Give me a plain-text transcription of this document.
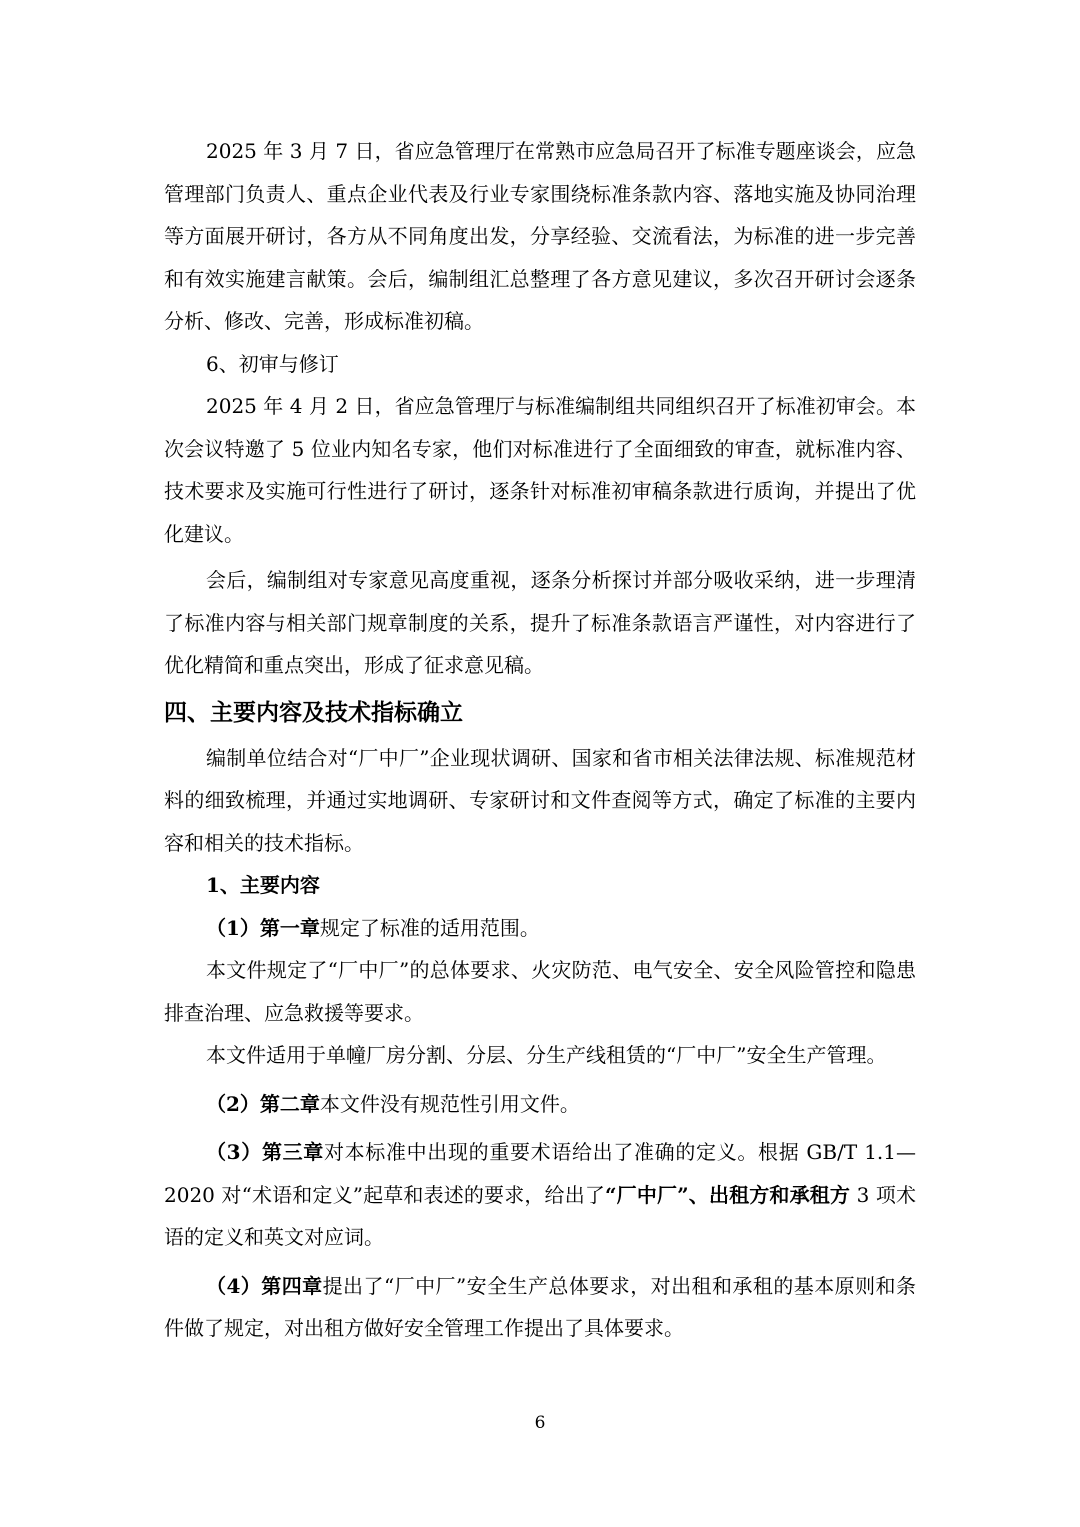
2025 年 3 月 7 日，省应急管理厅在常熟市应急局召开了标准专题座谈会，应急管理部门负责人、重点企业代表及行业专家围绕标准条款内容、落地实施及协同治理等方面展开研讨，各方从不同角度出发，分享经验、交流看法，为标准的进一步完善和有效实施建言献策。会后，编制组汇总整理了各方意见建议，多次召开研讨会逐条分析、修改、完善，形成标准初稿。

6、初审与修订

2025 年 4 月 2 日，省应急管理厅与标准编制组共同组织召开了标准初审会。本次会议特邀了 5 位业内知名专家，他们对标准进行了全面细致的审查，就标准内容、技术要求及实施可行性进行了研讨，逐条针对标准初审稿条款进行质询，并提出了优化建议。

会后，编制组对专家意见高度重视，逐条分析探讨并部分吸收采纳，进一步理清了标准内容与相关部门规章制度的关系，提升了标准条款语言严谨性，对内容进行了优化精简和重点突出，形成了征求意见稿。

四、主要内容及技术指标确立

编制单位结合对“厂中厂”企业现状调研、国家和省市相关法律法规、标准规范材料的细致梳理，并通过实地调研、专家研讨和文件查阅等方式，确定了标准的主要内容和相关的技术指标。

1、主要内容

（1）第一章规定了标准的适用范围。

本文件规定了“厂中厂”的总体要求、火灾防范、电气安全、安全风险管控和隐患排查治理、应急救援等要求。

本文件适用于单幢厂房分割、分层、分生产线租赁的“厂中厂”安全生产管理。

（2）第二章本文件没有规范性引用文件。

（3）第三章对本标准中出现的重要术语给出了准确的定义。根据 GB/T 1.1—2020 对“术语和定义”起草和表述的要求，给出了“厂中厂”、出租方和承租方 3 项术语的定义和英文对应词。

（4）第四章提出了“厂中厂”安全生产总体要求，对出租和承租的基本原则和条件做了规定，对出租方做好安全管理工作提出了具体要求。

6
